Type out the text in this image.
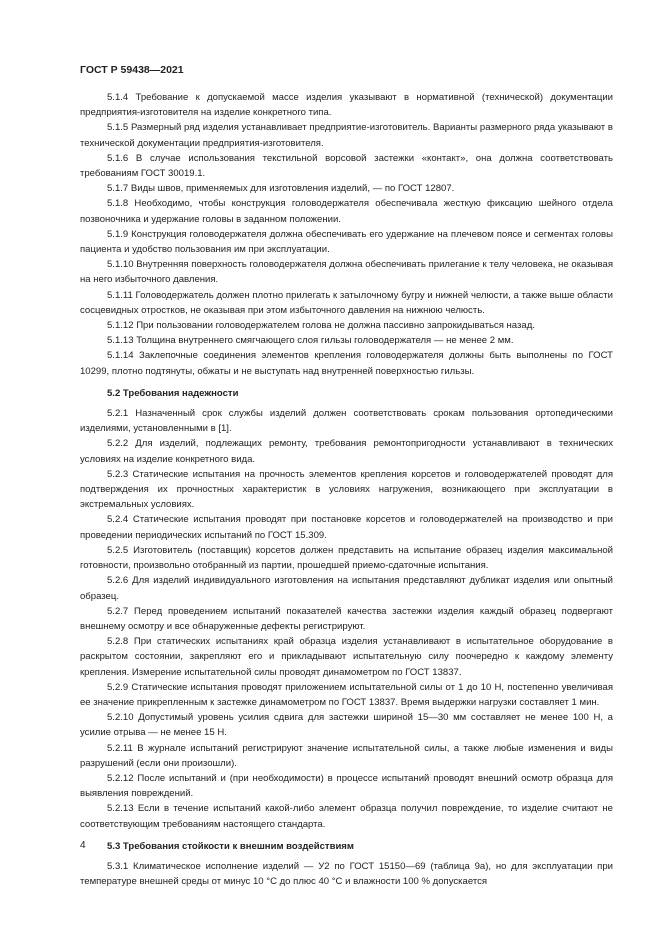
ГОСТ Р 59438—2021

5.1.4 Требование к допускаемой массе изделия указывают в нормативной (технической) документации предприятия-изготовителя на изделие конкретного типа.

5.1.5 Размерный ряд изделия устанавливает предприятие-изготовитель. Варианты размерного ряда указывают в технической документации предприятия-изготовителя.

5.1.6 В случае использования текстильной ворсовой застежки «контакт», она должна соответствовать требованиям ГОСТ 30019.1.

5.1.7 Виды швов, применяемых для изготовления изделий, — по ГОСТ 12807.

5.1.8 Необходимо, чтобы конструкция головодержателя обеспечивала жесткую фиксацию шейного отдела позвоночника и удержание головы в заданном положении.

5.1.9 Конструкция головодержателя должна обеспечивать его удержание на плечевом поясе и сегментах головы пациента и удобство пользования им при эксплуатации.

5.1.10 Внутренняя поверхность головодержателя должна обеспечивать прилегание к телу человека, не оказывая на него избыточного давления.

5.1.11 Головодержатель должен плотно прилегать к затылочному бугру и нижней челюсти, а также выше области сосцевидных отростков, не оказывая при этом избыточного давления на нижнюю челюсть.

5.1.12 При пользовании головодержателем голова не должна пассивно запрокидываться назад.

5.1.13 Толщина внутреннего смягчающего слоя гильзы головодержателя — не менее 2 мм.

5.1.14 Заклепочные соединения элементов крепления головодержателя должны быть выполнены по ГОСТ 10299, плотно подтянуты, обжаты и не выступать над внутренней поверхностью гильзы.

5.2 Требования надежности

5.2.1 Назначенный срок службы изделий должен соответствовать срокам пользования ортопедическими изделиями, установленными в [1].

5.2.2 Для изделий, подлежащих ремонту, требования ремонтопригодности устанавливают в технических условиях на изделие конкретного вида.

5.2.3 Статические испытания на прочность элементов крепления корсетов и головодержателей проводят для подтверждения их прочностных характеристик в условиях нагружения, возникающего при эксплуатации в экстремальных условиях.

5.2.4 Статические испытания проводят при постановке корсетов и головодержателей на производство и при проведении периодических испытаний по ГОСТ 15.309.

5.2.5 Изготовитель (поставщик) корсетов должен представить на испытание образец изделия максимальной готовности, произвольно отобранный из партии, прошедшей приемо-сдаточные испытания.

5.2.6 Для изделий индивидуального изготовления на испытания представляют дубликат изделия или опытный образец.

5.2.7 Перед проведением испытаний показателей качества застежки изделия каждый образец подвергают внешнему осмотру и все обнаруженные дефекты регистрируют.

5.2.8 При статических испытаниях край образца изделия устанавливают в испытательное оборудование в раскрытом состоянии, закрепляют его и прикладывают испытательную силу поочередно к каждому элементу крепления. Измерение испытательной силы проводят динамометром по ГОСТ 13837.

5.2.9 Статические испытания проводят приложением испытательной силы от 1 до 10 Н, постепенно увеличивая ее значение прикрепленным к застежке динамометром по ГОСТ 13837. Время выдержки нагрузки составляет 1 мин.

5.2.10 Допустимый уровень усилия сдвига для застежки шириной 15—30 мм составляет не менее 100 Н, а усилие отрыва — не менее 15 Н.

5.2.11 В журнале испытаний регистрируют значение испытательной силы, а также любые изменения и виды разрушений (если они произошли).

5.2.12 После испытаний и (при необходимости) в процессе испытаний проводят внешний осмотр образца для выявления повреждений.

5.2.13 Если в течение испытаний какой-либо элемент образца получил повреждение, то изделие считают не соответствующим требованиям настоящего стандарта.

5.3 Требования стойкости к внешним воздействиям

5.3.1 Климатическое исполнение изделий — У2 по ГОСТ 15150—69 (таблица 9а), но для эксплуатации при температуре внешней среды от минус 10 °С до плюс 40 °С и влажности 100 % допускается

4
